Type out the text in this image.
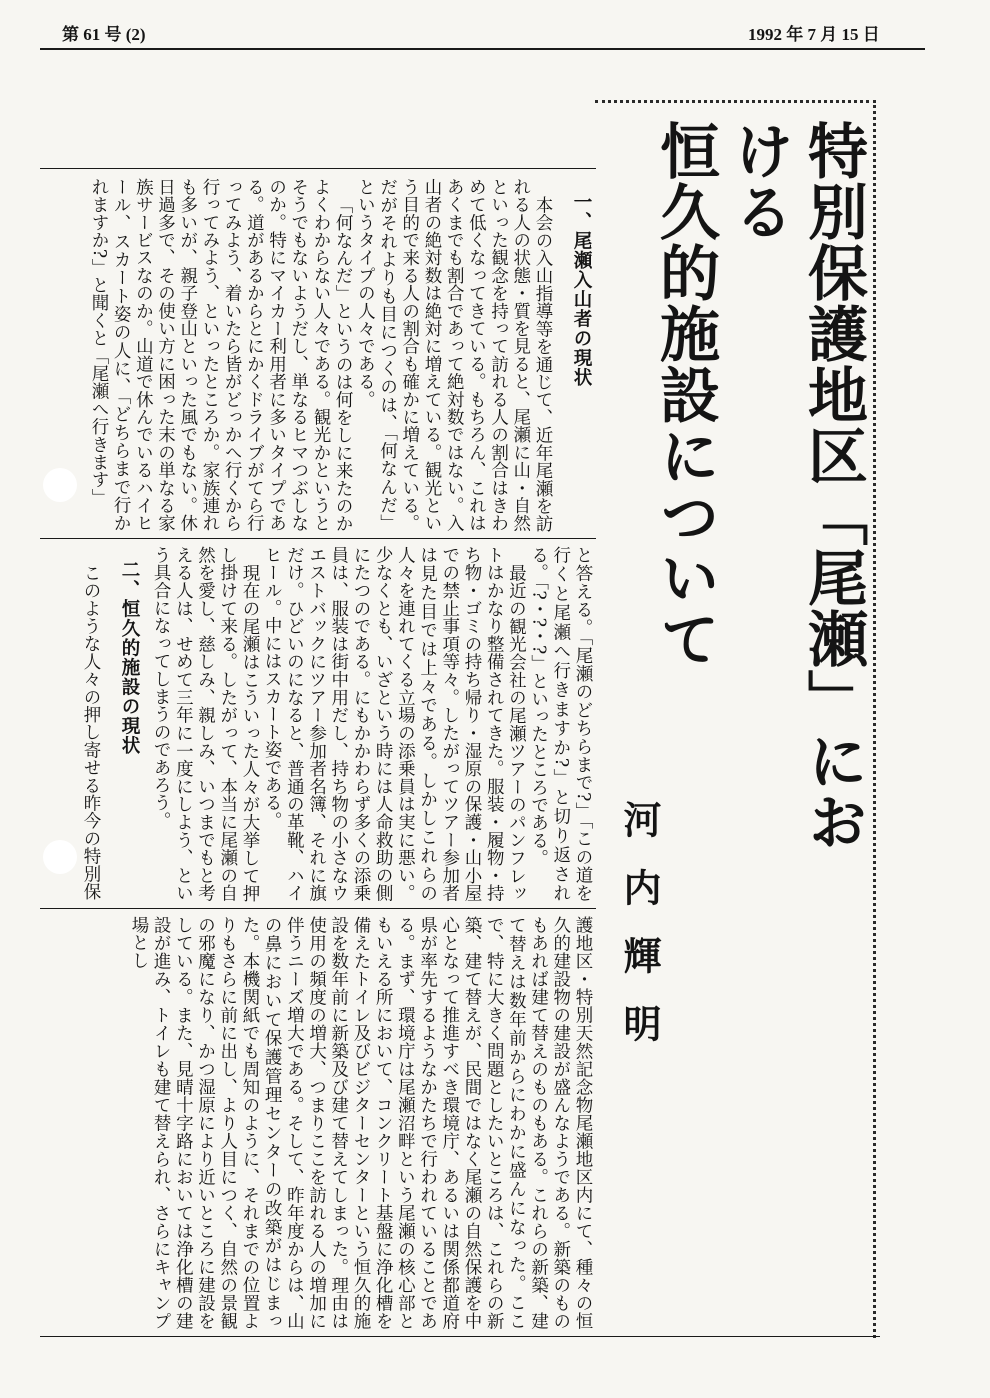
第 61 号 (2)	1992 年 7 月 15 日
特別保護地区「尾瀬」における
恒久的施設について
河内輝明
一、尾瀬入山者の現状

本会の入山指導等を通じて、近年尾瀬を訪れる人の状態・質を見ると、尾瀬に山・自然といった観念を持って訪れる人の割合はきわめて低くなってきている。もちろん、これはあくまでも割合であって絶対数ではない。入山者の絶対数は絶対に増えている。観光という目的で来る人の割合も確かに増えている。だがそれよりも目につくのは、「何なんだ」というタイプの人々である。

「何なんだ」というのは何をしに来たのかよくわからない人々である。観光かというとそうでもないようだし、単なるヒマつぶしなのか。特にマイカー利用者に多いタイプである。道があるからとにかくドライブがてら行ってみよう、着いたら皆がどっかへ行くから行ってみよう、といったところか。家族連れも多いが、親子登山といった風でもない。休日過多で、その使い方に困った末の単なる家族サービスなのか。山道で休んでいるハイヒール、スカート姿の人に、「どちらまで行かれますか?」と聞くと「尾瀬へ行きます」

と答える。「尾瀬のどちらまで?」「この道を行くと尾瀬へ行きますか?」と切り返される。「?・?・?」といったところである。

最近の観光会社の尾瀬ツアーのパンフレットはかなり整備されてきた。服装・履物・持ち物・ゴミの持ち帰り・湿原の保護・山小屋での禁止事項等々。したがってツアー参加者は見た目では上々である。しかしこれらの人々を連れてくる立場の添乗員は実に悪い。少なくとも、いざという時には人命救助の側にたつのである。にもかかわらず多くの添乗員は、服装は街中用だし、持ち物の小さなウエストバックにツアー参加者名簿、それに旗だけ。ひどいのになると、普通の革靴、ハイヒール。中にはスカート姿である。

現在の尾瀬はこういった人々が大挙して押し掛けて来る。したがって、本当に尾瀬の自然を愛し、慈しみ、親しみ、いつまでもと考える人は、せめて三年に一度にしよう、という具合になってしまうのであろう。

二、恒久的施設の現状

このような人々の押し寄せる昨今の特別保

護地区・特別天然記念物尾瀬地区内にて、種々の恒久的建設物の建設が盛んなようである。新築のものもあれば建て替えのものもある。これらの新築、建て替えは数年前からにわかに盛んになった。ここで、特に大きく問題としたいところは、これらの新築、建て替えが、民間ではなく尾瀬の自然保護を中心となって推進すべき環境庁、あるいは関係都道府県が率先するようなかたちで行われていることである。まず、環境庁は尾瀬沼畔という尾瀬の核心部ともいえる所において、コンクリート基盤に浄化槽を備えたトイレ及びビジターセンターという恒久的施設を数年前に新築及び建て替えてしまった。理由は使用の頻度の増大、つまりここを訪れる人の増加に伴うニーズ増大である。そして、昨年度からは、山の鼻において保護管理センターの改築がはじまった。本機関紙でも周知のように、それまでの位置よりもさらに前に出し、より人目につく、自然の景観の邪魔になり、かつ湿原により近いところに建設をしている。また、見晴十字路においては浄化槽の建設が進み、トイレも建て替えられ、さらにキャンプ場とし
